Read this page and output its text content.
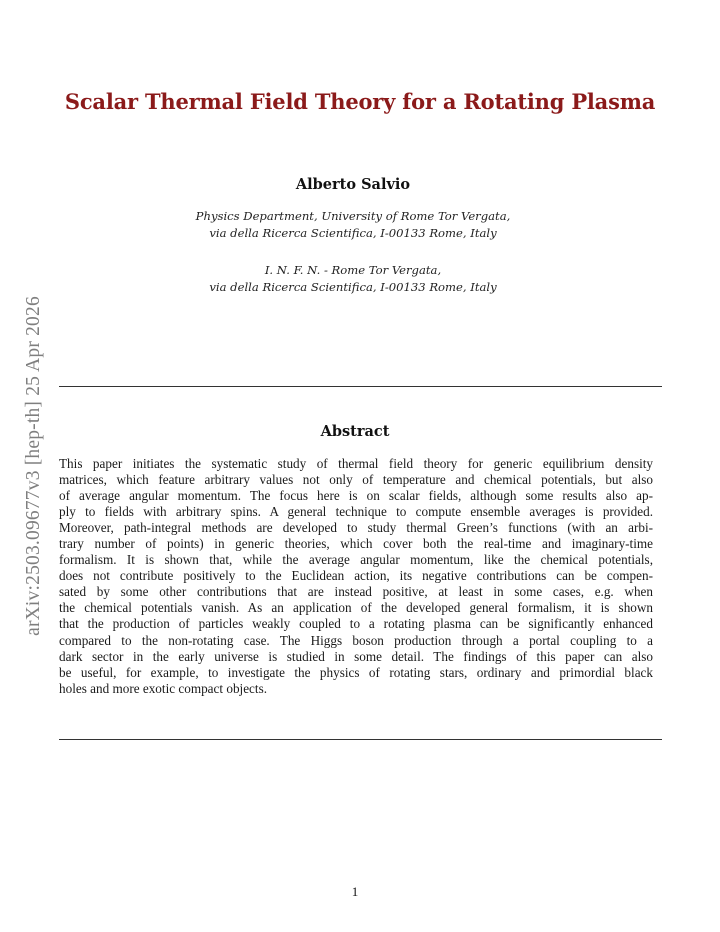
arXiv:2503.09677v3 [hep-th] 25 Apr 2026
Scalar Thermal Field Theory for a Rotating Plasma
Alberto Salvio
Physics Department, University of Rome Tor Vergata,
via della Ricerca Scientifica, I-00133 Rome, Italy
I. N. F. N. - Rome Tor Vergata,
via della Ricerca Scientifica, I-00133 Rome, Italy
Abstract
This paper initiates the systematic study of thermal field theory for generic equilibrium density
matrices, which feature arbitrary values not only of temperature and chemical potentials, but also
of average angular momentum. The focus here is on scalar fields, although some results also ap-
ply to fields with arbitrary spins. A general technique to compute ensemble averages is provided.
Moreover, path-integral methods are developed to study thermal Green’s functions (with an arbi-
trary number of points) in generic theories, which cover both the real-time and imaginary-time
formalism. It is shown that, while the average angular momentum, like the chemical potentials,
does not contribute positively to the Euclidean action, its negative contributions can be compen-
sated by some other contributions that are instead positive, at least in some cases, e.g. when
the chemical potentials vanish. As an application of the developed general formalism, it is shown
that the production of particles weakly coupled to a rotating plasma can be significantly enhanced
compared to the non-rotating case. The Higgs boson production through a portal coupling to a
dark sector in the early universe is studied in some detail. The findings of this paper can also
be useful, for example, to investigate the physics of rotating stars, ordinary and primordial black
holes and more exotic compact objects.
1
